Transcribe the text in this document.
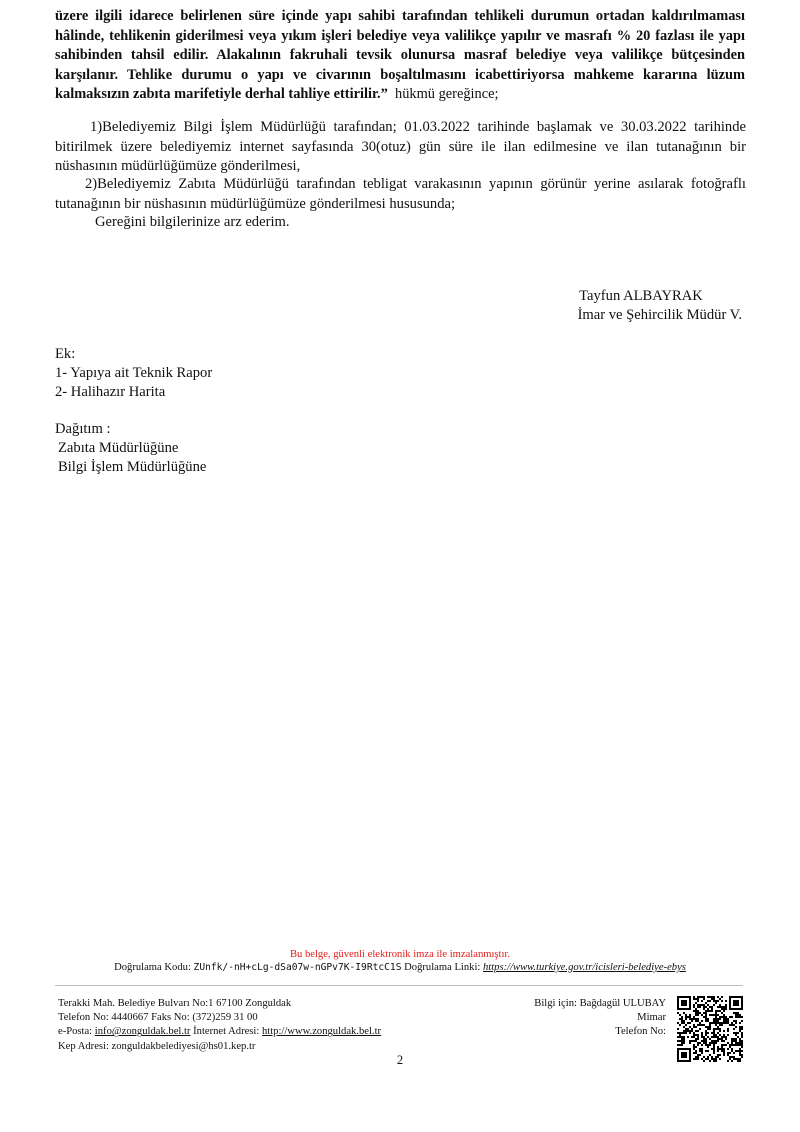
üzere ilgili idarece belirlenen süre içinde yapı sahibi tarafından tehlikeli durumun ortadan kaldırılmaması hâlinde, tehlikenin giderilmesi veya yıkım işleri belediye veya valilikçe yapılır ve masrafı % 20 fazlası ile yapı sahibinden tahsil edilir. Alakalının fakruhali tevsik olunursa masraf belediye veya valilikçe bütçesinden karşılanır. Tehlike durumu o yapı ve civarının boşaltılmasını icabettiriyorsa mahkeme kararına lüzum kalmaksızın zabıta marifetiyle derhal tahliye ettirilir.” hükmü gereğince;
1)Belediyemiz Bilgi İşlem Müdürlüğü tarafından; 01.03.2022 tarihinde başlamak ve 30.03.2022 tarihinde bitirilmek üzere belediyemiz internet sayfasında 30(otuz) gün süre ile ilan edilmesine ve ilan tutanağının bir nüshasının müdürlüğümüze gönderilmesi,
2)Belediyemiz Zabıta Müdürlüğü tarafından tebligat varakasının yapının görünür yerine asılarak fotoğraflı tutanağının bir nüshasının müdürlüğümüze gönderilmesi hususunda;
Gereğini bilgilerinize arz ederim.
Tayfun ALBAYRAK
İmar ve Şehircilik Müdür V.
Ek:
1- Yapıya ait Teknik Rapor
2- Halihazır Harita
Dağıtım :
Zabıta Müdürlüğüne
Bilgi İşlem Müdürlüğüne
Bu belge, güvenli elektronik imza ile imzalanmıştır.
Doğrulama Kodu: ZUnfk/-nH+cLg-dSa07w-nGPv7K-I9RtcC1S Doğrulama Linki: https://www.turkiye.gov.tr/icisleri-belediye-ebys
Terakki Mah. Belediye Bulvarı No:1 67100 Zonguldak
Telefon No: 4440667 Faks No: (372)259 31 00
e-Posta: info@zonguldak.bel.tr İnternet Adresi: http://www.zonguldak.bel.tr
Kep Adresi: zonguldakbelediyesi@hs01.kep.tr
Bilgi için: Bağdagül ULUBAY
Mimar
Telefon No:
2
